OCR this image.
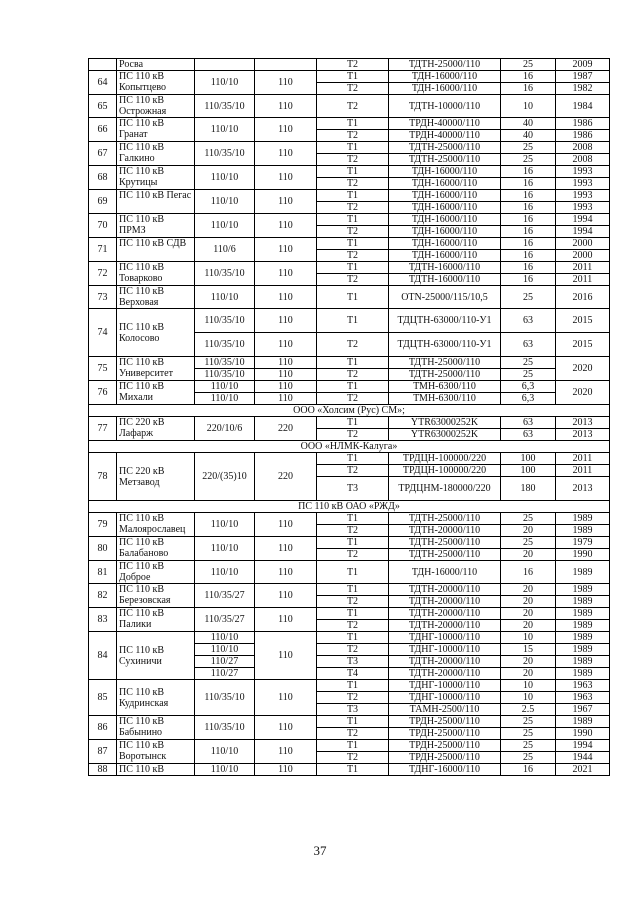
	Росва			Т2	ТДТН-25000/110	25	2009
64	ПС 110 кВ Копытцево	110/10	110	Т1	ТДН-16000/110	16	1987
				Т2	ТДН-16000/110	16	1982
65	ПС 110 кВ Острожная	110/35/10	110	Т2	ТДТН-10000/110	10	1984
66	ПС 110 кВ Гранат	110/10	110	Т1	ТРДН-40000/110	40	1986
				Т2	ТРДН-40000/110	40	1986
67	ПС 110 кВ Галкино	110/35/10	110	Т1	ТДТН-25000/110	25	2008
				Т2	ТДТН-25000/110	25	2008
68	ПС 110 кВ Крутицы	110/10	110	Т1	ТДН-16000/110	16	1993
				Т2	ТДН-16000/110	16	1993
69	ПС 110 кВ Пегас	110/10	110	Т1	ТДН-16000/110	16	1993
				Т2	ТДН-16000/110	16	1993
70	ПС 110 кВ ПРМЗ	110/10	110	Т1	ТДН-16000/110	16	1994
				Т2	ТДН-16000/110	16	1994
71	ПС 110 кВ СДВ	110/6	110	Т1	ТДН-16000/110	16	2000
				Т2	ТДН-16000/110	16	2000
72	ПС 110 кВ Товарково	110/35/10	110	Т1	ТДТН-16000/110	16	2011
				Т2	ТДТН-16000/110	16	2011
73	ПС 110 кВ Верховая	110/10	110	Т1	OTN-25000/115/10,5	25	2016
74	ПС 110 кВ Колосово	110/35/10	110	Т1	ТДЦТН-63000/110-У1	63	2015
		110/35/10	110	Т2	ТДЦТН-63000/110-У1	63	2015
75	ПС 110 кВ Университет	110/35/10	110	Т1	ТДТН-25000/110	25	2020
		110/35/10	110	Т2	ТДТН-25000/110	25	
76	ПС 110 кВ Михали	110/10	110	Т1	ТМН-6300/110	6,3	2020
		110/10	110	Т2	ТМН-6300/110	6,3	
ООО «Холсим (Рус) СМ»;							
77	ПС 220 кВ Лафарж	220/10/6	220	Т1	YTR63000252K	63	2013
				Т2	YTR63000252K	63	2013
ООО «НЛМК-Калуга»							
78	ПС 220 кВ Метзавод	220/(35)10	220	Т1	ТРДЦН-100000/220	100	2011
				Т2	ТРДЦН-100000/220	100	2011
				Т3	ТРДЦНМ-180000/220	180	2013
ПС 110 кВ ОАО «РЖД»							
79	ПС 110 кВ Малоярославец	110/10	110	Т1	ТДТН-25000/110	25	1989
				Т2	ТДТН-20000/110	20	1989
80	ПС 110 кВ Балабаново	110/10	110	Т1	ТДТН-25000/110	25	1979
				Т2	ТДТН-25000/110	20	1990
81	ПС 110 кВ Доброе	110/10	110	Т1	ТДН-16000/110	16	1989
82	ПС 110 кВ Березовская	110/35/27	110	Т1	ТДТН-20000/110	20	1989
				Т2	ТДТН-20000/110	20	1989
83	ПС 110 кВ Палики	110/35/27	110	Т1	ТДТН-20000/110	20	1989
				Т2	ТДТН-20000/110	20	1989
84	ПС 110 кВ Сухиничи	110/10	110	Т1	ТДНГ-10000/110	10	1989
		110/10		Т2	ТДНГ-10000/110	15	1989
		110/27		Т3	ТДТН-20000/110	20	1989
		110/27		Т4	ТДТН-20000/110	20	1989
85	ПС 110 кВ Кудринская	110/35/10	110	Т1	ТДНГ-10000/110	10	1963
				Т2	ТДНГ-10000/110	10	1963
				Т3	ТАМН-2500/110	2.5	1967
86	ПС 110 кВ Бабынино	110/35/10	110	Т1	ТРДН-25000/110	25	1989
				Т2	ТРДН-25000/110	25	1990
87	ПС 110 кВ Воротынск	110/10	110	Т1	ТРДН-25000/110	25	1994
				Т2	ТРДН-25000/110	25	1944
88	ПС 110 кВ	110/10	110	Т1	ТДНГ-16000/110	16	2021
37
